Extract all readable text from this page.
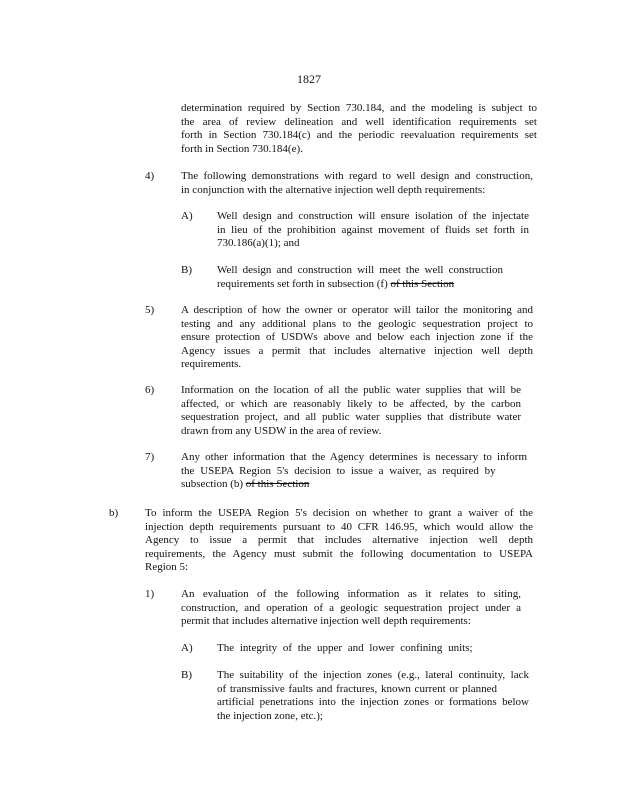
1827

determination required by Section 730.184, and the modeling is subject to

the area of review delineation and well identification requirements set

forth in Section 730.184(c) and the periodic reevaluation requirements set

forth in Section 730.184(e).

4) The following demonstrations with regard to well design and construction,

in conjunction with the alternative injection well depth requirements:

A) Well design and construction will ensure isolation of the injectate

in lieu of the prohibition against movement of fluids set forth in

730.186(a)(1); and

B) Well design and construction will meet the well construction

requirements set forth in subsection (f) of this Section

5) A description of how the owner or operator will tailor the monitoring and

testing and any additional plans to the geologic sequestration project to

ensure protection of USDWs above and below each injection zone if the

Agency issues a permit that includes alternative injection well depth

requirements.

6) Information on the location of all the public water supplies that will be

affected, or which are reasonably likely to be affected, by the carbon

sequestration project, and all public water supplies that distribute water

drawn from any USDW in the area of review.

7) Any other information that the Agency determines is necessary to inform

the USEPA Region 5's decision to issue a waiver, as required by

subsection (b) of this Section

b) To inform the USEPA Region 5's decision on whether to grant a waiver of the

injection depth requirements pursuant to 40 CFR 146.95, which would allow the

Agency to issue a permit that includes alternative injection well depth

requirements, the Agency must submit the following documentation to USEPA

Region 5:

1) An evaluation of the following information as it relates to siting,

construction, and operation of a geologic sequestration project under a

permit that includes alternative injection well depth requirements:

A) The integrity of the upper and lower confining units;

B) The suitability of the injection zones (e.g., lateral continuity, lack

of transmissive faults and fractures, known current or planned

artificial penetrations into the injection zones or formations below

the injection zone, etc.);
